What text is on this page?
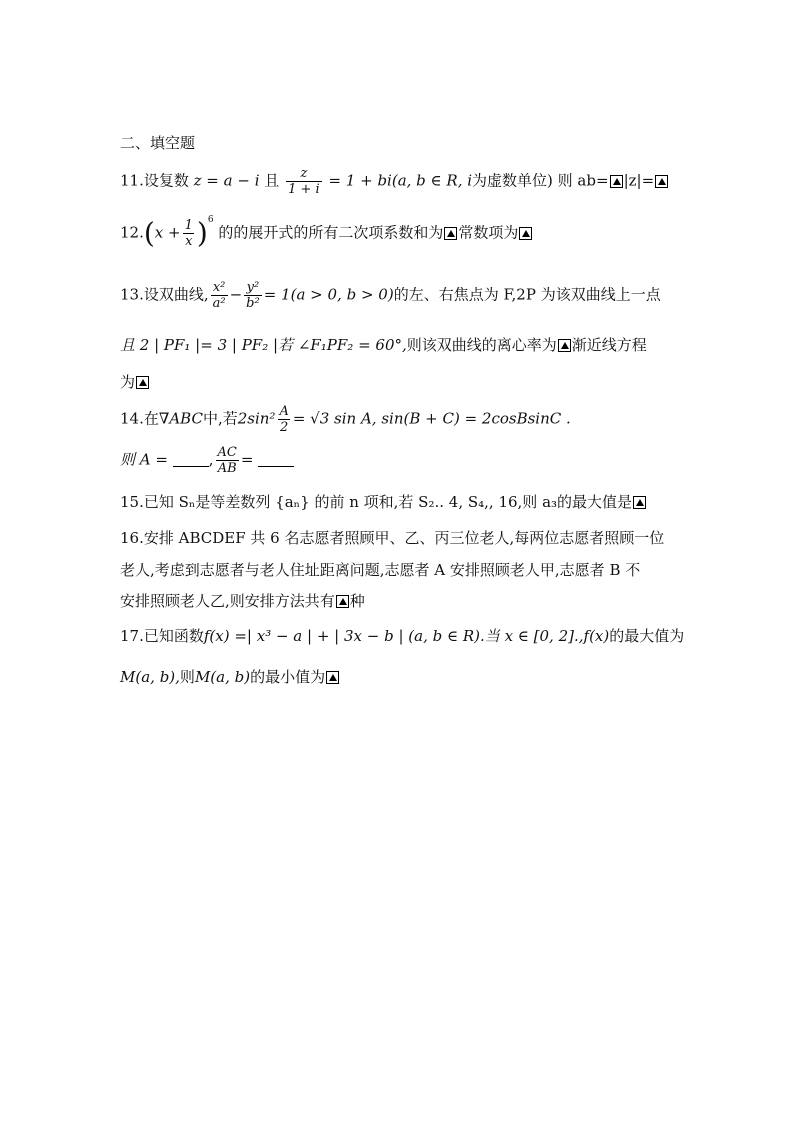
二、填空题
11.设复数 z = a − i 且 $\frac{z}{1 + i} = 1 + bi(a$, b ∈ R, i为虚数单位) 则 ab= |z|=
$12.(x + \frac{1}{x} )^6$ 的的展开式的所有二次项系数和为 常数项为
13.设双曲线, $\frac{\text{x²}}{\text{a²}} - \frac{\text{y²}}{\text{b²}} = 1(a > 0$, b > 0)的左、右焦点为 F,2P 为该双曲线上一点
且 2 | PF₁ |= 3 | PF₂ |若 ∠F₁PF₂ = 60°,则该双曲线的离心率为 渐近线方程
为
14.在∇ABC中,若$2\sin^2 \frac{A}{2} = √3$ sin A, sin(B + C) = 2cosBsinC .
则 A =	, $\frac{AC}{AB}$ =
15.已知 Sₙ是等差数列 {aₙ} 的前 n 项和,若 S₂.. 4, S₄,, 16,则 a₃的最大值是
16.安排 ABCDEF 共 6 名志愿者照顾甲、乙、丙三位老人,每两位志愿者照顾一位
老人,考虑到志愿者与老人住址距离问题,志愿者 A 安排照顾老人甲,志愿者 B 不
安排照顾老人乙,则安排方法共有 种
17.已知函数f(x) =| x³ − a | + | 3x − b | (a, b ∈ R).当 x ∈ [0, 2].,f(x)的最大值为
M(a, b),则M(a, b)的最小值为
